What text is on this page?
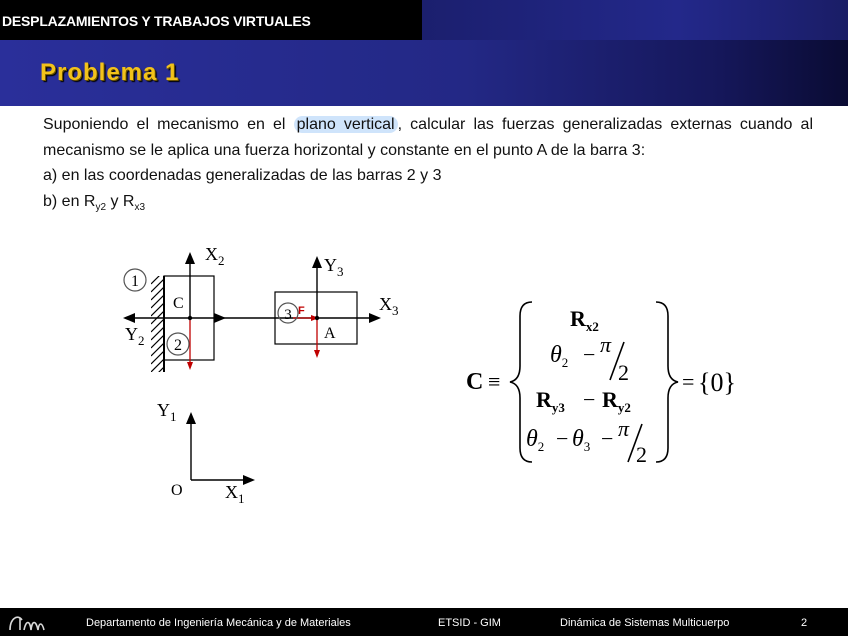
DESPLAZAMIENTOS Y TRABAJOS VIRTUALES
Problema 1

Suponiendo el mecanismo en el plano vertical , calcular las fuerzas generalizadas externas cuando al

mecanismo se le aplica una fuerza horizontal y constante en el punto A de la barra 3:

a) en las coordenadas generalizadas de las barras 2 y 3

b) en $R_{y2}$ y $R_{x3}$

F
1
2
3
C
A
$X_2$
$Y_2$
$Y_3$
$X_3$
$Y_1$
O $X_1$
C ≡
$R_{x2}$
$\theta_2 - \pi$
2
$R_{y3} - R_{y2}$
$\theta_2 - \theta_3 - \pi$
2
= {0}
Departamento de Ingeniería Mecánica y de Materiales	ETSID - GIM	Dinámica de Sistemas Multicuerpo	2
